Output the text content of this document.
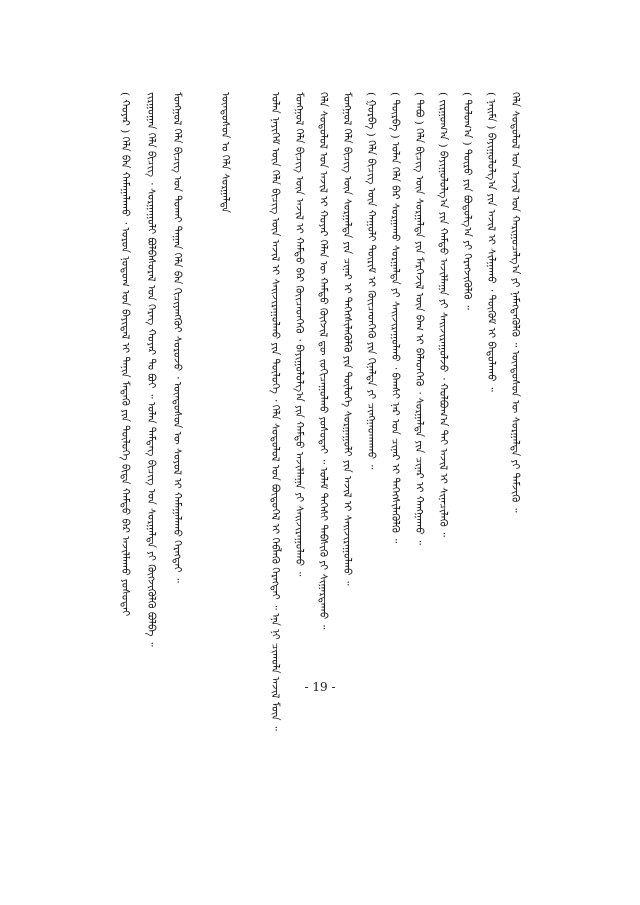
( ᠬᠣᠶᠠᠷ ) ᠬᠡᠯᠡ ᠪᠡᠨ ᠬᠠᠮᠠᠭᠠᠯᠠᠬᠤ ᠂ ᠣᠷᠤᠨ ᠨᠤᠲᠤᠭ ᠤᠨ ᠪᠠᠶᠢᠳᠠᠯ ᠢ ᠲᠠᠨᠢᠨ ᠮᠡᠳᠡᠬᠦ ᠶᠢᠨ ᠲᠥᠯᠦᠭᠡ ᠪᠢᠳᠡ ᠬᠠᠮᠲᠤ ᠪᠠᠷ ᠠᠵᠢᠯᠯᠠᠬᠤ ᠶᠤᠰᠤᠲᠠᠢ ᠵᠢᠷᠭᠤᠭᠠᠨ ᠬᠡᠯᠡ ᠪᠢᠴᠢᠭ ᠂ ᠰᠤᠷᠭᠠᠭᠤᠯᠢ ᠪᠣᠯᠪᠠᠰᠤᠷᠠᠯ ᠤᠨ ᠬᠡᠷᠡᠭ ᠬᠣᠶᠠᠷ ᠲᠤ ᠪᠤᠢ ᠃ ᠣᠯᠠᠨ ᠲᠡᠮᠳᠡᠭ ᠪᠢᠴᠢᠭ ᠤᠨ ᠰᠤᠷᠭᠠᠯᠲᠠ ᠶᠢ ᠬᠦᠭᠵᠢᠭᠦᠯᠬᠦ ᠪᠣᠯᠪᠠ ᠃ ᠮᠣᠩᠭᠣᠯ ᠬᠡᠯᠡ ᠪᠢᠴᠢᠭ ᠤᠨ ᠲᠤᠬᠠᠢ ᠳᠠᠭᠠᠨ ᠬᠡᠯᠡ ᠪᠡᠨ ᠬᠢᠴᠢᠶᠡᠩᠭᠦᠢ ᠰᠤᠷᠤᠵᠤ ᠂ ᠦᠨᠳᠦᠰᠦᠨ ᠦ ᠰᠤᠶᠤᠯ ᠢ ᠬᠠᠮᠠᠭᠠᠯᠠᠬᠤ ᠬᠡᠷᠡᠭᠲᠡᠢ ᠃	ᠦᠨᠳᠦᠰᠦᠨ ᠤ ᠬᠡᠯᠡ ᠰᠤᠷᠭᠠᠯᠲᠠ	ᠣᠯᠠᠨ ᠨᠡᠶᠢᠭᠡᠮ ᠦᠨ ᠬᠡᠯᠡ ᠪᠢᠴᠢᠭ ᠦᠨ ᠠᠵᠢᠯ ᠢ ᠰᠠᠢᠵᠢᠷᠠᠭᠤᠯᠬᠤ ᠶᠢᠨ ᠲᠥᠯᠦᠭᠡ ᠂ ᠬᠡᠯᠡ ᠰᠤᠳᠤᠯᠤᠯ ᠤᠨ ᠪᠦᠲᠦᠭᠡᠯ ᠢ ᠬᠡᠪᠯᠡᠬᠦ ᠬᠡᠷᠡᠭᠲᠡᠢ ᠃ ᠡᠨᠡ ᠨᠢ ᠴᠢᠬᠤᠯᠠ ᠠᠵᠢᠯ ᠮᠥᠨ ᠃ ᠮᠣᠩᠭᠣᠯ ᠬᠡᠯᠡ ᠪᠢᠴᠢᠭ ᠦᠨ ᠠᠵᠢᠯ ᠢ ᠬᠠᠮᠲᠤ ᠪᠡᠷ ᠭᠦᠢᠴᠡᠳᠭᠡᠬᠦ ᠂ ᠪᠠᠶᠢᠭᠤᠯᠤᠯᠭ᠎ᠠ ᠶᠢᠨ ᠬᠠᠮᠲᠤ ᠠᠵᠢᠯᠯᠠᠭᠠ ᠶᠢ ᠰᠠᠢᠵᠢᠷᠠᠭᠤᠯᠬᠤ ᠃ ᠬᠡᠯᠡ ᠰᠤᠳᠤᠯᠤᠯ ᠤᠨ ᠠᠵᠢᠯ ᠢ ᠬᠣᠶᠠᠷ ᠬᠡᠯᠡᠨ ᠦ ᠬᠠᠮᠲᠤ ᠬᠦᠭᠵᠢᠯ ᠳᠦ ᠵᠣᠬᠢᠴᠠᠭᠤᠯᠬᠤ ᠶᠣᠰᠣᠲᠠᠢ ᠃ ᠤᠯᠠᠮ ᠳᠡᠭᠡᠰᠢ ᠳᠡᠪᠰᠢᠬᠦ ᠶᠢ ᠰᠢᠭᠠᠷᠳᠠᠬᠤ ᠃ ᠮᠣᠩᠭᠣᠯ ᠬᠡᠯᠡ ᠪᠢᠴᠢᠭ ᠦᠨ ᠰᠤᠷᠭᠠᠯᠲᠠ ᠶᠢᠨ ᠴᠢᠨᠠᠷ ᠢ ᠳᠡᠭᠡᠭᠰᠢᠯᠡᠭᠦᠯᠬᠦ ᠶᠢᠨ ᠲᠥᠯᠦᠭᠡ ᠰᠤᠷᠭᠠᠭᠤᠯᠢ ᠶᠢᠨ ᠠᠵᠢᠯ ᠢ ᠰᠠᠢᠵᠢᠷᠠᠭᠤᠯᠬᠤ ᠃ ( ᠭᠤᠷᠪᠠ ) ᠬᠡᠯᠡ ᠪᠢᠴᠢᠭ ᠦᠨ ᠬᠠᠭᠤᠯᠢ ᠳᠦᠷᠢᠮ ᠢ ᠭᠦᠢᠴᠡᠳᠬᠡᠬᠦ ᠶᠢᠨ ᠬᠢᠨᠠᠯᠲᠠ ᠶᠢ ᠴᠢᠩᠭᠠᠳᠬᠠᠬᠤ ᠃
( ᠳᠥᠷᠪᠡ ) ᠣᠯᠠᠨ ᠬᠡᠯᠡ ᠪᠡᠷ ᠰᠤᠷᠭᠠᠬᠤ ᠰᠤᠷᠭᠠᠯᠲᠠ ᠶᠢ ᠰᠠᠢᠵᠢᠷᠠᠭᠤᠯᠬᠤ ᠂ ᠪᠠᠭᠰᠢ ᠨᠠᠷ ᠤᠨ ᠴᠢᠨᠠᠷ ᠢ ᠳᠡᠭᠡᠭᠰᠢᠯᠡᠭᠦᠯᠬᠦ ᠃
( ᠲᠠᠪᠤ ) ᠬᠡᠯᠡ ᠪᠢᠴᠢᠭ ᠦᠨ ᠰᠤᠷᠭᠠᠯᠲᠠ ᠶᠢᠨ ᠮᠡᠷᠭᠡᠵᠢᠯ ᠦᠨ ᠪᠠᠭ ᠢ ᠪᠡᠯᠡᠳᠬᠡᠬᠦ ᠂ ᠰᠤᠷᠭᠠᠯᠲᠠ ᠶᠢᠨ ᠴᠢᠨᠠᠷ ᠢ ᠬᠠᠩᠭᠠᠬᠤ ᠃
( ᠵᠢᠷᠭᠤᠭ᠎ᠠ ) ᠪᠠᠶᠢᠭᠤᠯᠤᠯᠭ᠎ᠠ ᠶᠢᠨ ᠬᠠᠮᠲᠤ ᠠᠵᠢᠯᠯᠠᠭᠠ ᠶᠢ ᠰᠠᠢᠵᠢᠷᠠᠭᠤᠯᠵᠤ ᠂ ᠬᠣᠯᠪᠣᠭ᠎ᠠ ᠲᠠᠢ ᠠᠵᠢᠯ ᠢ ᠰᠢᠨᠡᠴᠢᠯᠡᠬᠦ ᠃
( ᠳᠣᠯᠣᠭ᠎ᠠ ) ᠲᠦᠷᠦ ᠶᠢᠨ ᠪᠣᠳᠤᠯᠭ᠎ᠠ ᠶᠢ ᠬᠡᠷᠡᠭᠵᠢᠭᠦᠯᠬᠦ ᠃
( ᠨᠠᠢᠮᠠ ) ᠪᠠᠶᠢᠭᠤᠯᠤᠯᠭ᠎ᠠ ᠶᠢᠨ ᠠᠵᠢᠯ ᠢ ᠰᠢᠯᠭᠠᠬᠤ ᠂ ᠳᠦᠭᠦᠮ ᠢ ᠪᠠᠲᠤᠯᠠᠬᠤ ᠃ ᠬᠡᠯᠡ ᠰᠤᠳᠤᠯᠤᠯ ᠤᠨ ᠠᠵᠢᠯ ᠤᠨ ᠬᠠᠷᠢᠭᠤᠴᠠᠯᠭ᠎ᠠ ᠶᠢ ᠨᠡᠮᠡᠭᠳᠡᠭᠦᠯᠬᠦ ᠃ ᠦᠨᠳᠦᠰᠦᠨ ᠦ ᠰᠤᠷᠭᠠᠯᠲᠠ ᠶᠢ ᠳᠡᠮᠵᠢᠬᠦ ᠃
- 19 -
